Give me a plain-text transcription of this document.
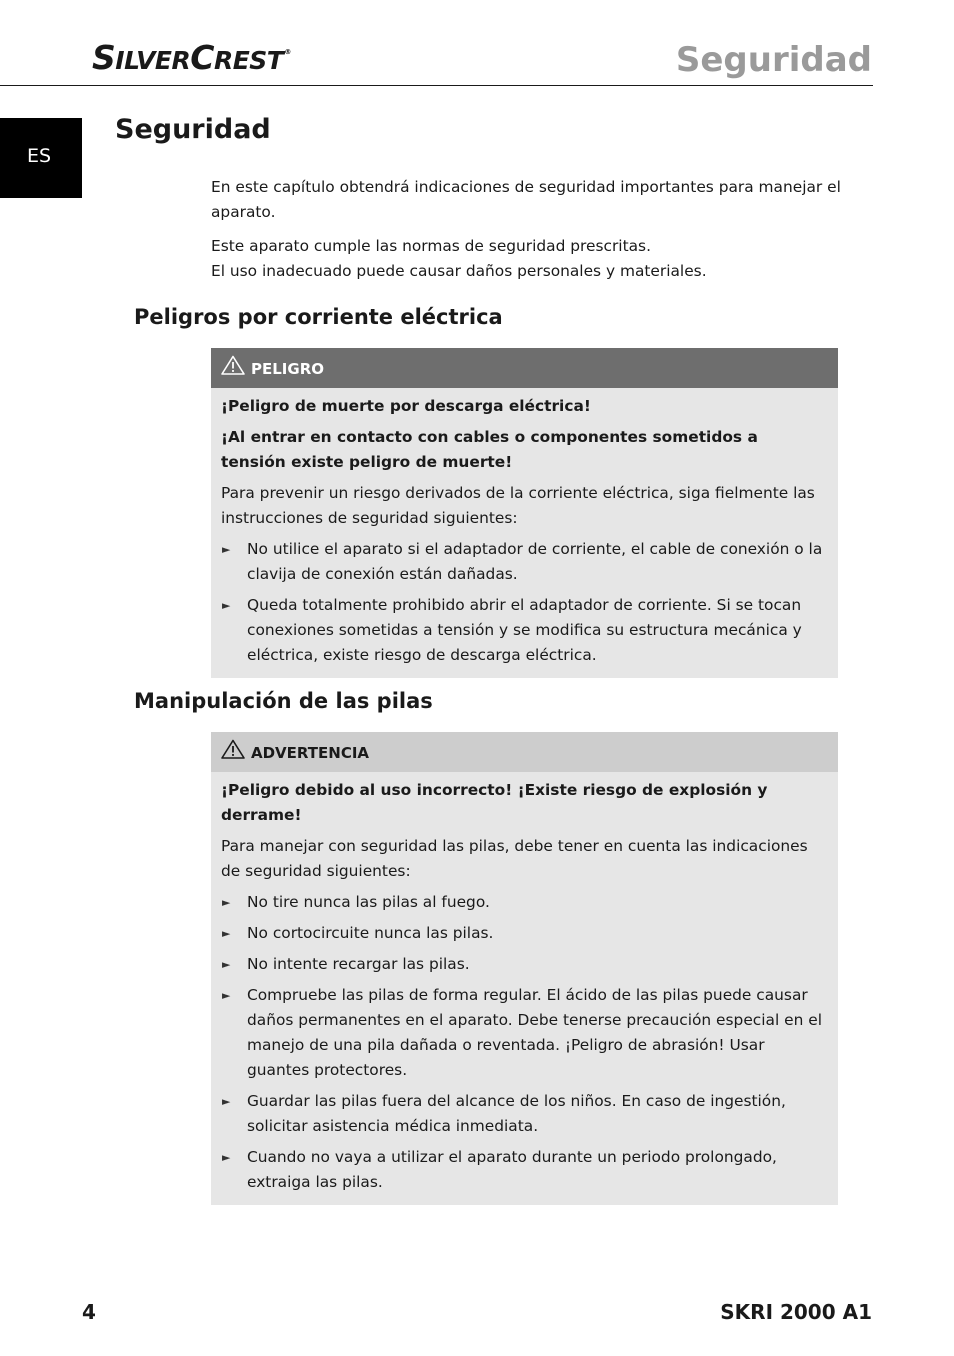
SILVERCREST®	Seguridad
ES
Seguridad

En este capítulo obtendrá indicaciones de seguridad importantes para manejar el aparato.

Este aparato cumple las normas de seguridad prescritas.
El uso inadecuado puede causar daños personales y materiales.

Peligros por corriente eléctrica
PELIGRO

¡Peligro de muerte por descarga eléctrica!

¡Al entrar en contacto con cables o componentes sometidos a tensión existe peligro de muerte!

Para prevenir un riesgo derivados de la corriente eléctrica, siga fielmente las instrucciones de seguridad siguientes:

► No utilice el aparato si el adaptador de corriente, el cable de conexión o la clavija de conexión están dañadas.
► Queda totalmente prohibido abrir el adaptador de corriente. Si se tocan conexiones sometidas a tensión y se modifica su estructura mecánica y eléctrica, existe riesgo de descarga eléctrica.
Manipulación de las pilas
ADVERTENCIA

¡Peligro debido al uso incorrecto! ¡Existe riesgo de explosión y derrame!

Para manejar con seguridad las pilas, debe tener en cuenta las indicaciones de seguridad siguientes:

► No tire nunca las pilas al fuego.
► No cortocircuite nunca las pilas.
► No intente recargar las pilas.
► Compruebe las pilas de forma regular. El ácido de las pilas puede causar daños permanentes en el aparato. Debe tenerse precaución especial en el manejo de una pila dañada o reventada. ¡Peligro de abrasión! Usar guantes protectores.
► Guardar las pilas fuera del alcance de los niños. En caso de ingestión, solicitar asistencia médica inmediata.
► Cuando no vaya a utilizar el aparato durante un periodo prolongado, extraiga las pilas.
4	SKRI 2000 A1
